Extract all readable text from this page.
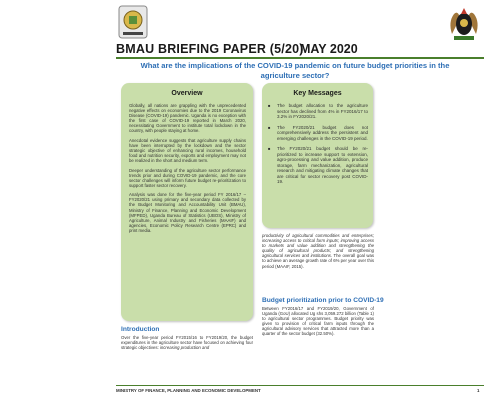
BMAU BRIEFING PAPER (5/20)
MAY 2020
What are the implications of the COVID-19 pandemic on future budget priorities in the agriculture sector?
Overview

Globally, all nations are grappling with the unprecedented negative effects on economies due to the 2019 Coronavirus Disease (COVID-19) pandemic. Uganda is no exception with the first case of COVID-19 reported in March 2020, necessitating Government to institute total lockdown in the country, with people staying at home.

Anecdotal evidence suggests that agriculture supply chains have been interrupted by the lockdown and the sector strategic objective of enhancing rural incomes, household food and nutrition security, exports and employment may not be realized in the short and medium term.

Deeper understanding of the agriculture sector performance trends prior and during COVID-19 pandemic, and the core sector challenges will inform future budget re-prioritization to support faster sector recovery.

Analysis was done for the five-year period FY 2016/17 – FY2020/21 using primary and secondary data collected by the Budget Monitoring and Accountability Unit (BMAU), Ministry of Finance, Planning and Economic Development (MFPED), Uganda Bureau of Statistics (UBOS), Ministry of Agriculture, Animal Industry and Fisheries (MAAIF) and agencies, Economic Policy Research Centre (EPRC) and print media.

Key Messages
■ The budget allocation to the agriculture sector has declined from 4% in FY2016/17 to 3.2% in FY2020/21.
■ The FY2020/21 budget does not comprehensively address the persistent and emerging challenges in the COVID-19 period.
■ The FY2020/21 budget should be re-prioritized to increase support to extension, agro-processing and value addition, produce storage, farm mechanization, agricultural research and mitigating climate changes that are critical for sector recovery post COVID-19.
productivity of agricultural commodities and enterprises; increasing access to critical farm inputs; improving access to markets and value addition and strengthening the quality of agricultural products; and strengthening agricultural services and institutions. The overall goal was to achieve an average growth rate of 6% per year over this period (MAAIF, 2015).
Budget prioritization prior to COVID-19
Between FY2016/17 and FY2019/20, Government of Uganda (GoU) allocated Ug shs 3,059.272 billion (Table 1) to agricultural sector programmes. Budget priority was given to provision of critical farm inputs through the agricultural advisory services that attracted more than a quarter of the sector budget (32.50%).
Introduction
Over the five-year period FY2015/16 to FY2019/20, the budget expenditures in the agriculture sector have focused on achieving four strategic objectives: increasing production and
MINISTRY OF FINANCE, PLANNING AND ECONOMIC DEVELOPMENT	1
